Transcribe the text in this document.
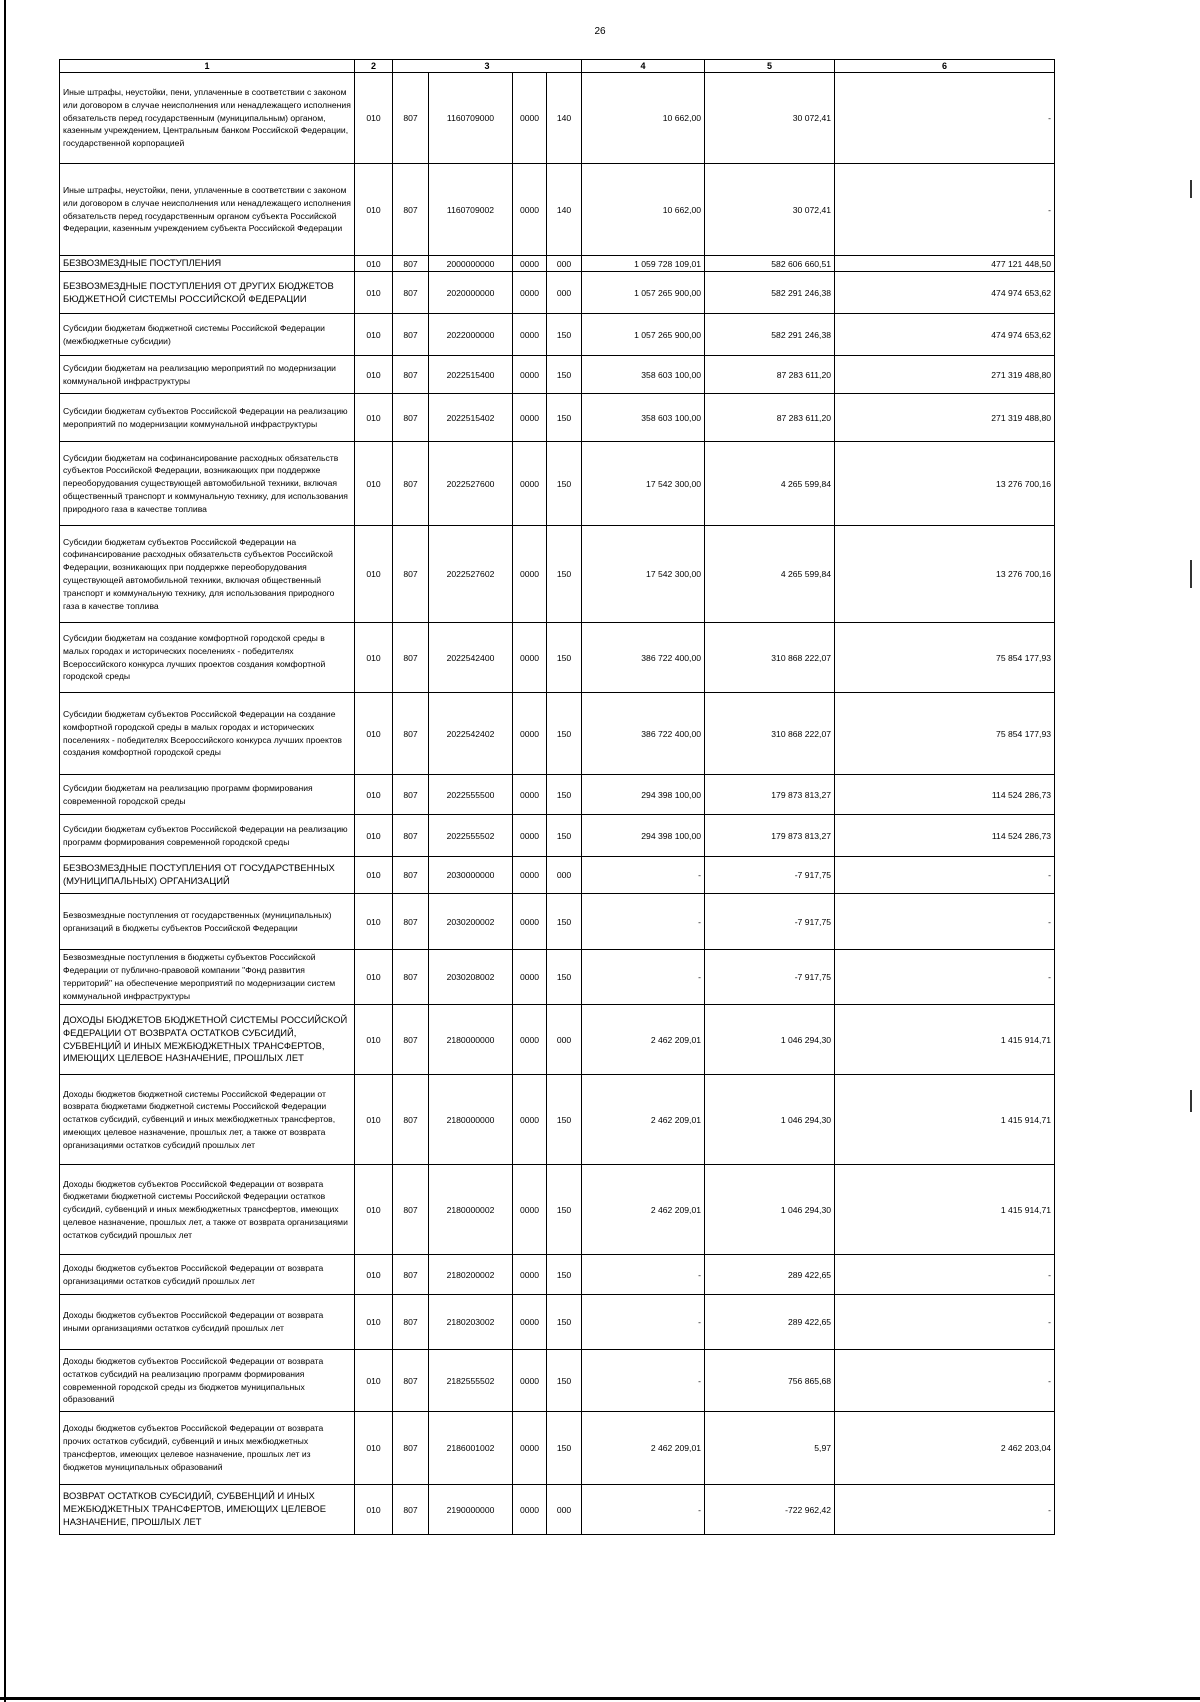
26
1	2	3				4	5	6
Иные штрафы, неустойки, пени, уплаченные в соответствии с законом или договором в случае неисполнения или ненадлежащего исполнения обязательств перед государственным (муниципальным) органом, казенным учреждением, Центральным банком Российской Федерации, государственной корпорацией	010	807	1160709000	0000	140	10 662,00	30 072,41	-
Иные штрафы, неустойки, пени, уплаченные в соответствии с законом или договором в случае неисполнения или ненадлежащего исполнения обязательств перед государственным органом субъекта Российской Федерации, казенным учреждением субъекта Российской Федерации	010	807	1160709002	0000	140	10 662,00	30 072,41	-
БЕЗВОЗМЕЗДНЫЕ ПОСТУПЛЕНИЯ	010	807	2000000000	0000	000	1 059 728 109,01	582 606 660,51	477 121 448,50
БЕЗВОЗМЕЗДНЫЕ ПОСТУПЛЕНИЯ ОТ ДРУГИХ БЮДЖЕТОВ БЮДЖЕТНОЙ СИСТЕМЫ РОССИЙСКОЙ ФЕДЕРАЦИИ	010	807	2020000000	0000	000	1 057 265 900,00	582 291 246,38	474 974 653,62
Субсидии бюджетам бюджетной системы Российской Федерации (межбюджетные субсидии)	010	807	2022000000	0000	150	1 057 265 900,00	582 291 246,38	474 974 653,62
Субсидии бюджетам на реализацию мероприятий по модернизации коммунальной инфраструктуры	010	807	2022515400	0000	150	358 603 100,00	87 283 611,20	271 319 488,80
Субсидии бюджетам субъектов Российской Федерации на реализацию мероприятий по модернизации коммунальной инфраструктуры	010	807	2022515402	0000	150	358 603 100,00	87 283 611,20	271 319 488,80
Субсидии бюджетам на софинансирование расходных обязательств субъектов Российской Федерации, возникающих при поддержке переоборудования существующей автомобильной техники, включая общественный транспорт и коммунальную технику, для использования природного газа в качестве топлива	010	807	2022527600	0000	150	17 542 300,00	4 265 599,84	13 276 700,16
Субсидии бюджетам субъектов Российской Федерации на софинансирование расходных обязательств субъектов Российской Федерации, возникающих при поддержке переоборудования существующей автомобильной техники, включая общественный транспорт и коммунальную технику, для использования природного газа в качестве топлива	010	807	2022527602	0000	150	17 542 300,00	4 265 599,84	13 276 700,16
Субсидии бюджетам на создание комфортной городской среды в малых городах и исторических поселениях - победителях Всероссийского конкурса лучших проектов создания комфортной городской среды	010	807	2022542400	0000	150	386 722 400,00	310 868 222,07	75 854 177,93
Субсидии бюджетам субъектов Российской Федерации на создание комфортной городской среды в малых городах и исторических поселениях - победителях Всероссийского конкурса лучших проектов создания комфортной городской среды	010	807	2022542402	0000	150	386 722 400,00	310 868 222,07	75 854 177,93
Субсидии бюджетам на реализацию программ формирования современной городской среды	010	807	2022555500	0000	150	294 398 100,00	179 873 813,27	114 524 286,73
Субсидии бюджетам субъектов Российской Федерации на реализацию программ формирования современной городской среды	010	807	2022555502	0000	150	294 398 100,00	179 873 813,27	114 524 286,73
БЕЗВОЗМЕЗДНЫЕ ПОСТУПЛЕНИЯ ОТ ГОСУДАРСТВЕННЫХ (МУНИЦИПАЛЬНЫХ) ОРГАНИЗАЦИЙ	010	807	2030000000	0000	000	-	-7 917,75	-
Безвозмездные поступления от государственных (муниципальных) организаций в бюджеты субъектов Российской Федерации	010	807	2030200002	0000	150	-	-7 917,75	-
Безвозмездные поступления в бюджеты субъектов Российской Федерации от публично-правовой компании "Фонд развития территорий" на обеспечение мероприятий по модернизации систем коммунальной инфраструктуры	010	807	2030208002	0000	150	-	-7 917,75	-
ДОХОДЫ БЮДЖЕТОВ БЮДЖЕТНОЙ СИСТЕМЫ РОССИЙСКОЙ ФЕДЕРАЦИИ ОТ ВОЗВРАТА ОСТАТКОВ СУБСИДИЙ, СУБВЕНЦИЙ И ИНЫХ МЕЖБЮДЖЕТНЫХ ТРАНСФЕРТОВ, ИМЕЮЩИХ ЦЕЛЕВОЕ НАЗНАЧЕНИЕ, ПРОШЛЫХ ЛЕТ	010	807	2180000000	0000	000	2 462 209,01	1 046 294,30	1 415 914,71
Доходы бюджетов бюджетной системы Российской Федерации от возврата бюджетами бюджетной системы Российской Федерации остатков субсидий, субвенций и иных межбюджетных трансфертов, имеющих целевое назначение, прошлых лет, а также от возврата организациями остатков субсидий прошлых лет	010	807	2180000000	0000	150	2 462 209,01	1 046 294,30	1 415 914,71
Доходы бюджетов субъектов Российской Федерации от возврата бюджетами бюджетной системы Российской Федерации остатков субсидий, субвенций и иных межбюджетных трансфертов, имеющих целевое назначение, прошлых лет, а также от возврата организациями остатков субсидий прошлых лет	010	807	2180000002	0000	150	2 462 209,01	1 046 294,30	1 415 914,71
Доходы бюджетов субъектов Российской Федерации от возврата организациями остатков субсидий прошлых лет	010	807	2180200002	0000	150	-	289 422,65	-
Доходы бюджетов субъектов Российской Федерации от возврата иными организациями остатков субсидий прошлых лет	010	807	2180203002	0000	150	-	289 422,65	-
Доходы бюджетов субъектов Российской Федерации от возврата остатков субсидий на реализацию программ формирования современной городской среды из бюджетов муниципальных образований	010	807	2182555502	0000	150	-	756 865,68	-
Доходы бюджетов субъектов Российской Федерации от возврата прочих остатков субсидий, субвенций и иных межбюджетных трансфертов, имеющих целевое назначение, прошлых лет из бюджетов муниципальных образований	010	807	2186001002	0000	150	2 462 209,01	5,97	2 462 203,04
ВОЗВРАТ ОСТАТКОВ СУБСИДИЙ, СУБВЕНЦИЙ И ИНЫХ МЕЖБЮДЖЕТНЫХ ТРАНСФЕРТОВ, ИМЕЮЩИХ ЦЕЛЕВОЕ НАЗНАЧЕНИЕ, ПРОШЛЫХ ЛЕТ	010	807	2190000000	0000	000	-	-722 962,42	-
